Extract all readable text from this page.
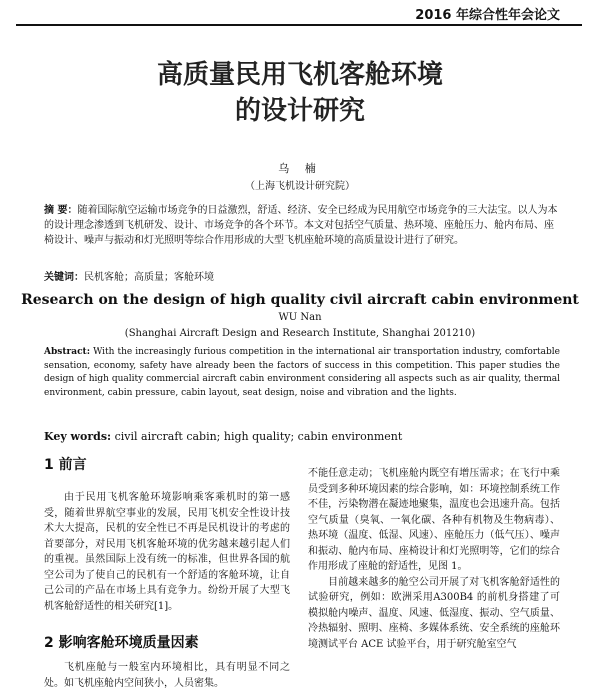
2016 年综合性年会论文
高质量民用飞机客舱环境
的设计研究
乌 楠
（上海飞机设计研究院）
摘 要：随着国际航空运输市场竞争的日益激烈，舒适、经济、安全已经成为民用航空市场竞争的三大法宝。以人为本的设计理念渗透到飞机研发、设计、市场竞争的各个环节。本文对包括空气质量、热环境、座舱压力、舱内布局、座椅设计、噪声与振动和灯光照明等综合作用形成的大型飞机座舱环境的高质量设计进行了研究。
关键词：民机客舱；高质量；客舱环境
Research on the design of high quality civil aircraft cabin environment
WU Nan
(Shanghai Aircraft Design and Research Institute, Shanghai 201210)
Abstract: With the increasingly furious competition in the international air transportation industry, comfortable sensation, economy, safety have already been the factors of success in this competition. This paper studies the design of high quality commercial aircraft cabin environment considering all aspects such as air quality, thermal environment, cabin pressure, cabin layout, seat design, noise and vibration and the lights.
Key words: civil aircraft cabin; high quality; cabin environment
1 前言

由于民用飞机客舱环境影响乘客乘机时的第一感受，随着世界航空事业的发展，民用飞机安全性设计技术大大提高，民机的安全性已不再是民机设计的考虑的首要部分，对民用飞机客舱环境的优劣越来越引起人们的重视。虽然国际上没有统一的标准，但世界各国的航空公司为了使自己的民机有一个舒适的客舱环境，让自己公司的产品在市场上具有竞争力。纷纷开展了大型飞机客舱舒适性的相关研究[1]。

2 影响客舱环境质量因素

飞机座舱与一般室内环境相比，具有明显不同之处。如飞机座舱内空间狭小，人员密集。

不能任意走动；飞机座舱内既空有增压需求；在飞行中乘员受到多种环境因素的综合影响，如：环境控制系统工作不佳，污染物潜在凝迹地聚集，温度也会迅速升高。包括空气质量（臭氧、一氧化碳、各种有机物及生物病毒）、热环境（温度、低湿、风速）、座舱压力（低气压）、噪声和振动、舱内布局、座椅设计和灯光照明等，它们的综合作用形成了座舱的舒适性，见图 1。

目前越来越多的舱空公司开展了对飞机客舱舒适性的试验研究，例如：欧洲采用A300B4 的前机身搭建了可模拟舱内噪声、温度、风速、低湿度、振动、空气质量、冷热辐射、照明、座椅、多媒体系统、安全系统的座舱环境测试平台 ACE 试验平台，用于研究舱室空气
